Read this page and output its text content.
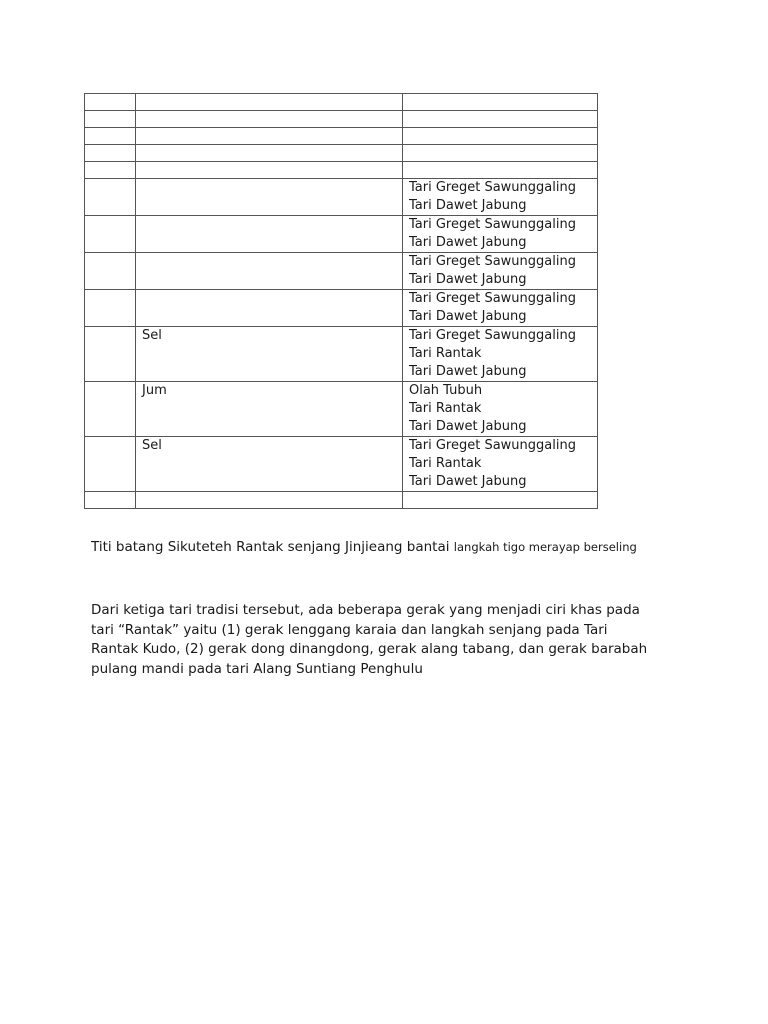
		Tari Greget Sawunggaling
Tari Dawet Jabung

		Tari Greget Sawunggaling
Tari Dawet Jabung

		Tari Greget Sawunggaling
Tari Dawet Jabung

		Tari Greget Sawunggaling
Tari Dawet Jabung

	Sel	Tari Greget Sawunggaling
Tari Rantak
Tari Dawet Jabung

	Jum	Olah Tubuh
Tari Rantak
Tari Dawet Jabung

	Sel	Tari Greget Sawunggaling
Tari Rantak
Tari Dawet Jabung

Titi batang Sikuteteh Rantak senjang Jinjieang bantai langkah tigo merayap berseling
Dari ketiga tari tradisi tersebut, ada beberapa gerak yang menjadi ciri khas pada
tari “Rantak” yaitu (1) gerak lenggang karaia dan langkah senjang pada Tari
Rantak Kudo, (2) gerak dong dinangdong, gerak alang tabang, dan gerak barabah
pulang mandi pada tari Alang Suntiang Penghulu
